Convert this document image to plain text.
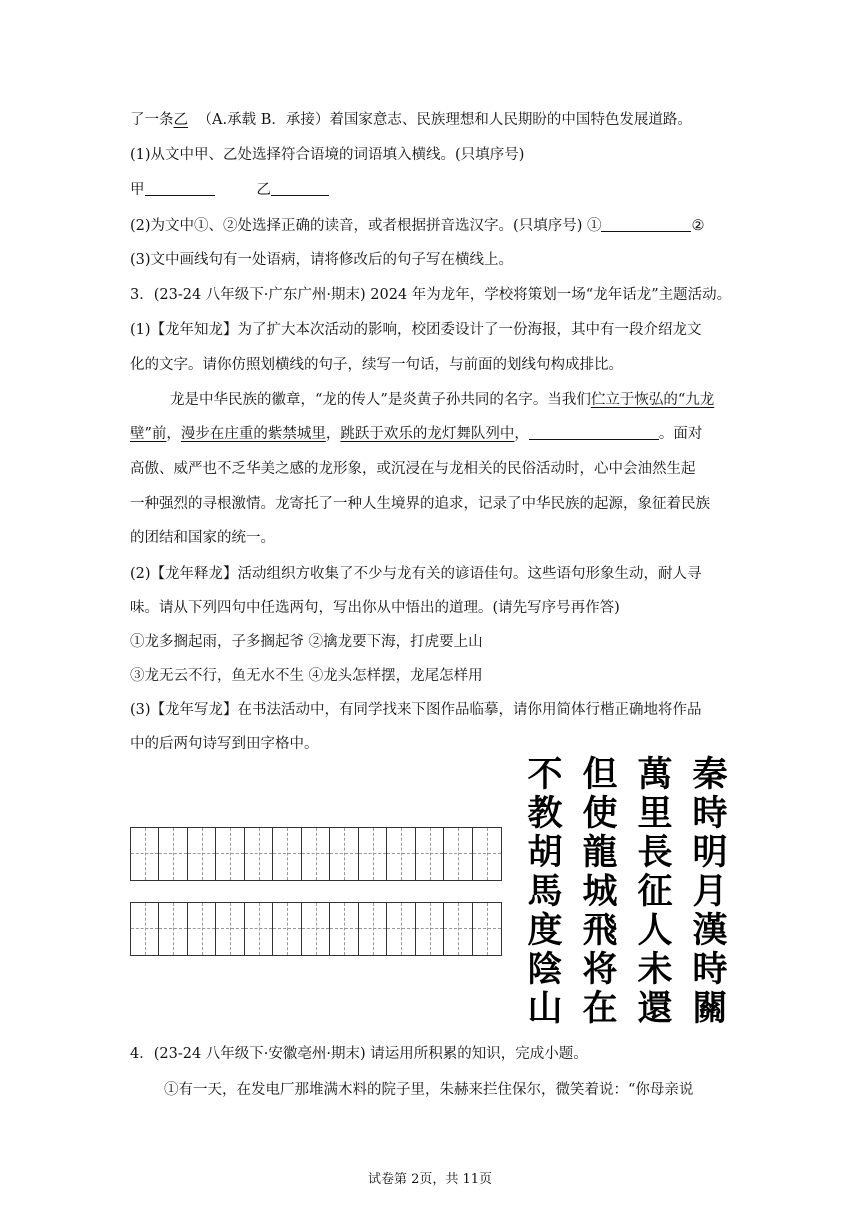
了一条乙 （A.承载 B．承接）着国家意志、民族理想和人民期盼的中国特色发展道路。
(1)从文中甲、乙处选择符合语境的词语填入横线。(只填序号)
甲	乙
(2)为文中①、②处选择正确的读音，或者根据拼音选汉字。(只填序号) ①	②
(3)文中画线句有一处语病，请将修改后的句子写在横线上。
3．(23-24 八年级下·广东广州·期末) 2024 年为龙年，学校将策划一场“龙年话龙”主题活动。
(1)【龙年知龙】为了扩大本次活动的影响，校团委设计了一份海报，其中有一段介绍龙文
化的文字。请你仿照划横线的句子，续写一句话，与前面的划线句构成排比。
龙是中华民族的徽章，“龙的传人”是炎黄子孙共同的名字。当我们伫立于恢弘的“九龙
壁”前，漫步在庄重的紫禁城里，跳跃于欢乐的龙灯舞队列中，	。面对
高傲、威严也不乏华美之感的龙形象，或沉浸在与龙相关的民俗活动时，心中会油然生起
一种强烈的寻根激情。龙寄托了一种人生境界的追求，记录了中华民族的起源，象征着民族
的团结和国家的统一。
(2)【龙年释龙】活动组织方收集了不少与龙有关的谚语佳句。这些语句形象生动，耐人寻
味。请从下列四句中任选两句，写出你从中悟出的道理。(请先写序号再作答)
①龙多搁起雨，子多搁起爷 ②擒龙要下海，打虎要上山
③龙无云不行，鱼无水不生 ④龙头怎样摆，龙尾怎样用
(3)【龙年写龙】在书法活动中，有同学找来下图作品临摹，请你用简体行楷正确地将作品
中的后两句诗写到田字格中。
秦
時
明
月
漢
時
關
萬
里
長
征
人
未
還
但
使
龍
城
飛
将
在
不
教
胡
馬
度
陰
山
4．(23-24 八年级下·安徽亳州·期末) 请运用所积累的知识，完成小题。
①有一天，在发电厂那堆满木料的院子里，朱赫来拦住保尔，微笑着说：“你母亲说
试卷第 2页，共 11页
